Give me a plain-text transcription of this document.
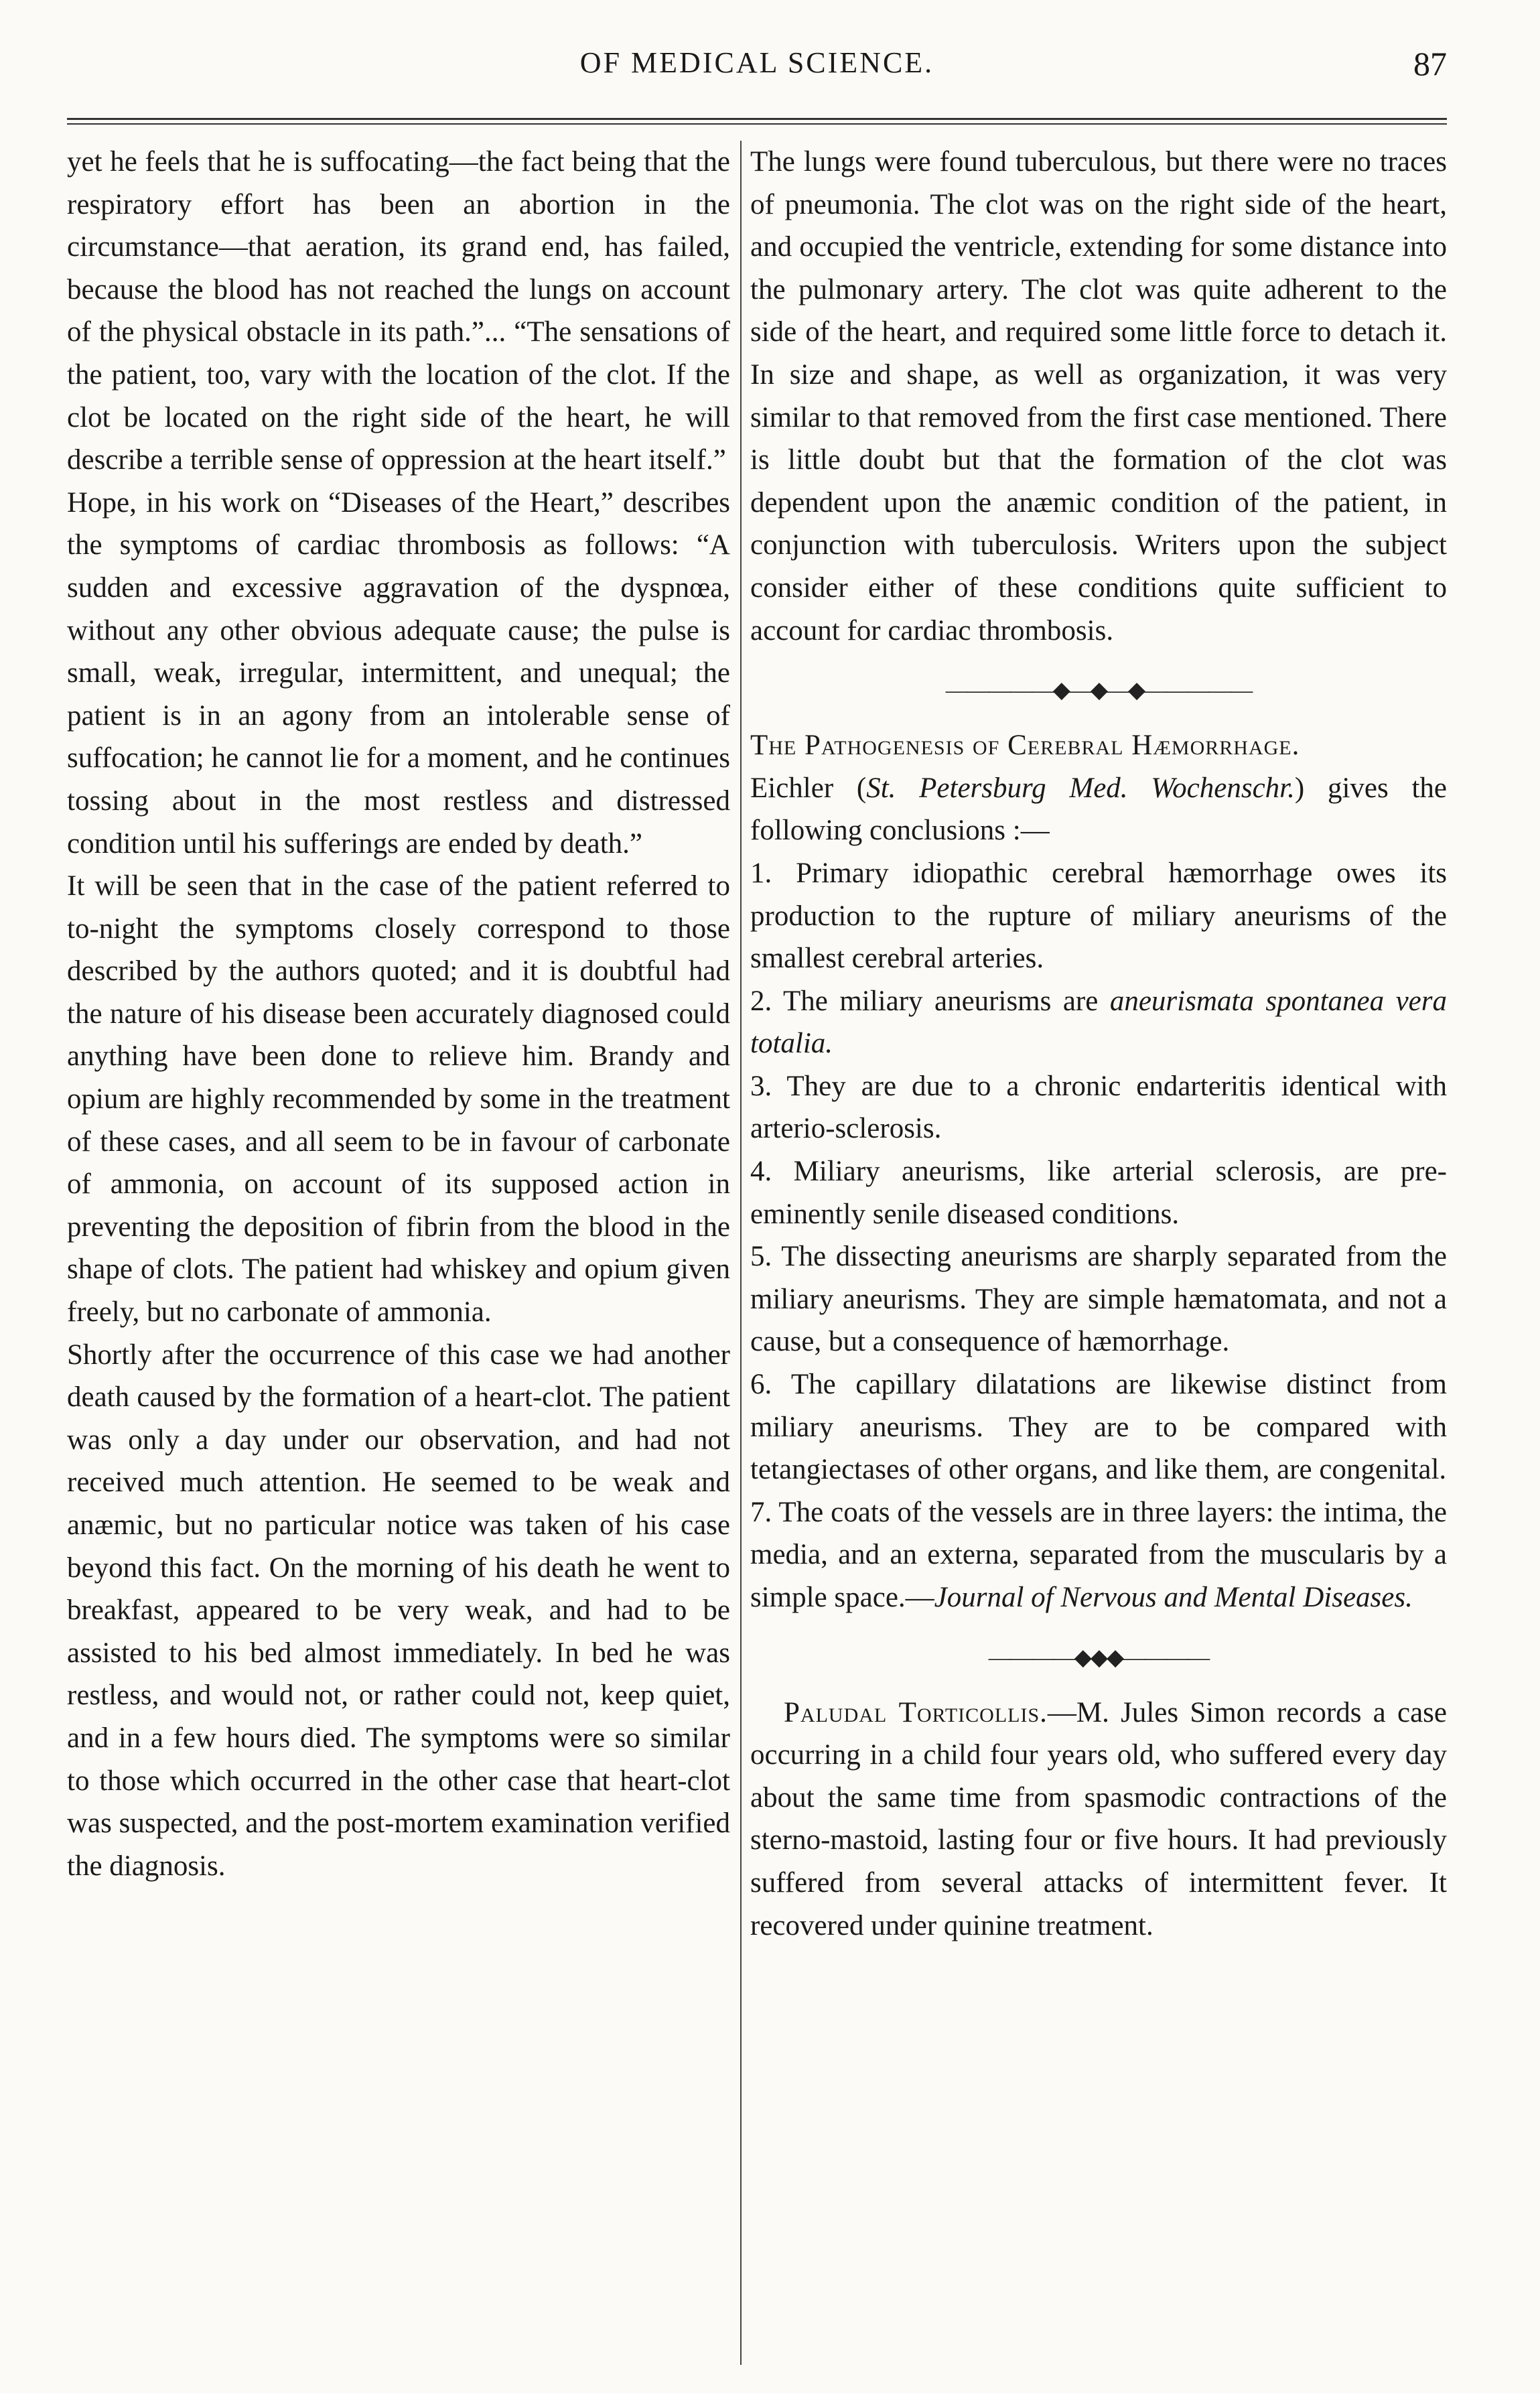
OF MEDICAL SCIENCE.	87

yet he feels that he is suffocating—the fact being that the respiratory effort has been an abortion in the circumstance—that aeration, its grand end, has failed, because the blood has not reached the lungs on account of the physical obstacle in its path.”... “The sensations of the patient, too, vary with the location of the clot. If the clot be located on the right side of the heart, he will describe a terrible sense of oppression at the heart itself.”

Hope, in his work on “Diseases of the Heart,” describes the symptoms of cardiac thrombosis as follows: “A sudden and excessive aggravation of the dyspnœa, without any other obvious adequate cause; the pulse is small, weak, irregular, intermittent, and unequal; the patient is in an agony from an intolerable sense of suffocation; he cannot lie for a moment, and he continues tossing about in the most restless and distressed condition until his sufferings are ended by death.”

It will be seen that in the case of the patient referred to to-night the symptoms closely correspond to those described by the authors quoted; and it is doubtful had the nature of his disease been accurately diagnosed could anything have been done to relieve him. Brandy and opium are highly recommended by some in the treatment of these cases, and all seem to be in favour of carbonate of ammonia, on account of its supposed action in preventing the deposition of fibrin from the blood in the shape of clots. The patient had whiskey and opium given freely, but no carbonate of ammonia.

Shortly after the occurrence of this case we had another death caused by the formation of a heart-clot. The patient was only a day under our observation, and had not received much attention. He seemed to be weak and anæmic, but no particular notice was taken of his case beyond this fact. On the morning of his death he went to breakfast, appeared to be very weak, and had to be assisted to his bed almost immediately. In bed he was restless, and would not, or rather could not, keep quiet, and in a few hours died. The symptoms were so similar to those which occurred in the other case that heart-clot was suspected, and the post-mortem examination verified the diagnosis.

The lungs were found tuberculous, but there were no traces of pneumonia. The clot was on the right side of the heart, and occupied the ventricle, extending for some distance into the pulmonary artery. The clot was quite adherent to the side of the heart, and required some little force to detach it. In size and shape, as well as organization, it was very similar to that removed from the first case mentioned. There is little doubt but that the formation of the clot was dependent upon the anæmic condition of the patient, in conjunction with tuberculosis. Writers upon the subject consider either of these conditions quite sufficient to account for cardiac thrombosis.

—————◆—◆—◆—————

The Pathogenesis of Cerebral Hæmorrhage.

Eichler (St. Petersburg Med. Wochenschr.) gives the following conclusions :—

1. Primary idiopathic cerebral hæmorrhage owes its production to the rupture of miliary aneurisms of the smallest cerebral arteries.

2. The miliary aneurisms are aneurismata spontanea vera totalia.

3. They are due to a chronic endarteritis identical with arterio-sclerosis.

4. Miliary aneurisms, like arterial sclerosis, are pre-eminently senile diseased conditions.

5. The dissecting aneurisms are sharply separated from the miliary aneurisms. They are simple hæmatomata, and not a cause, but a consequence of hæmorrhage.

6. The capillary dilatations are likewise distinct from miliary aneurisms. They are to be compared with tetangiectases of other organs, and like them, are congenital.

7. The coats of the vessels are in three layers: the intima, the media, and an externa, separated from the muscularis by a simple space.—Journal of Nervous and Mental Diseases.

————◆◆◆————

Paludal Torticollis.—M. Jules Simon records a case occurring in a child four years old, who suffered every day about the same time from spasmodic contractions of the sterno-mastoid, lasting four or five hours. It had previously suffered from several attacks of intermittent fever. It recovered under quinine treatment.
